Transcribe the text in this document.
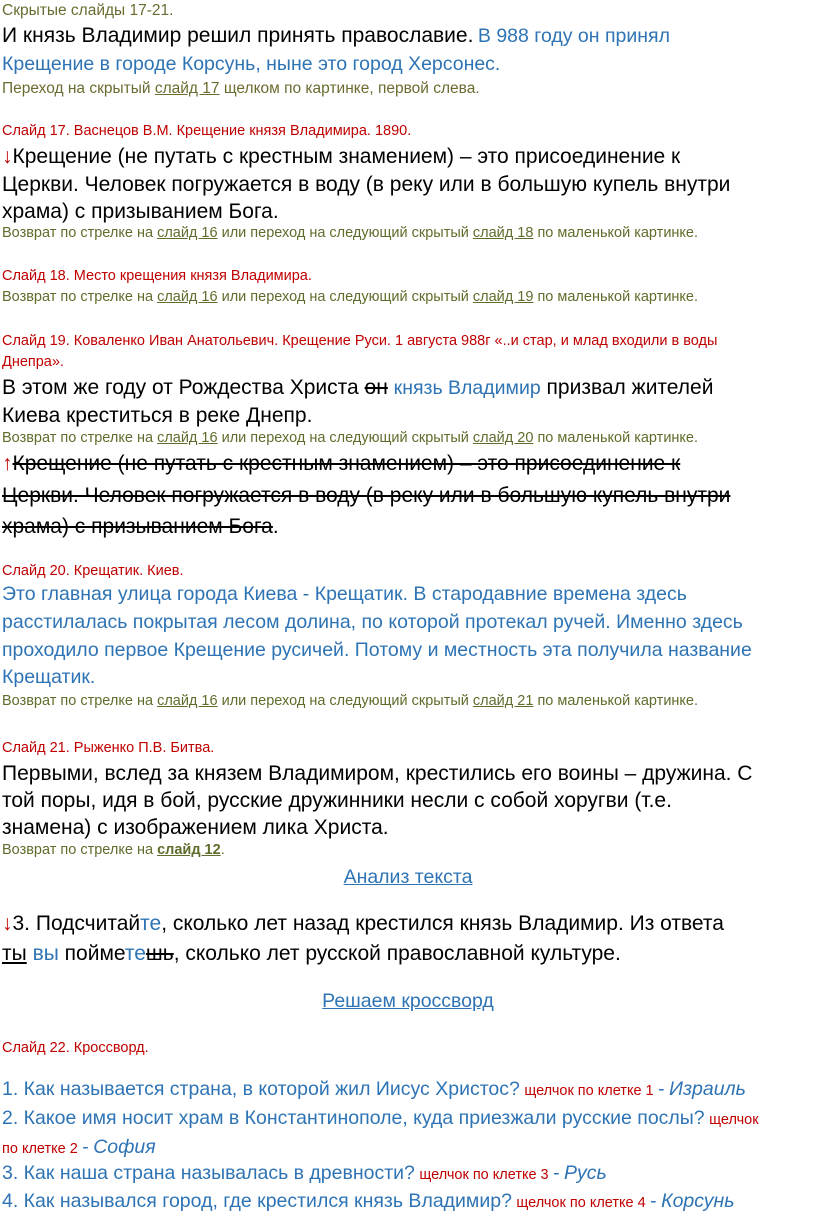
Скрытые слайды 17-21.

И князь Владимир решил принять православие. В 988 году он принял

Крещение в городе Корсунь, ныне это город Херсонес.

Переход на скрытый слайд 17 щелком по картинке, первой слева.

Слайд 17. Васнецов В.М. Крещение князя Владимира. 1890.

↓Крещение (не путать с крестным знамением) – это присоединение к

Церкви. Человек погружается в воду (в реку или в большую купель внутри

храма) с призыванием Бога.

Возврат по стрелке на слайд 16 или переход на следующий скрытый слайд 18 по маленькой картинке.

Слайд 18. Место крещения князя Владимира.

Возврат по стрелке на слайд 16 или переход на следующий скрытый слайд 19 по маленькой картинке.

Слайд 19. Коваленко Иван Анатольевич. Крещение Руси. 1 августа 988г «..и стар, и млад входили в воды

Днепра».

В этом же году от Рождества Христа он князь Владимир призвал жителей

Киева креститься в реке Днепр.

Возврат по стрелке на слайд 16 или переход на следующий скрытый слайд 20 по маленькой картинке.

↑Крещение (не путать с крестным знамением) – это присоединение к

Церкви. Человек погружается в воду (в реку или в большую купель внутри

храма) с призыванием Бога.

Слайд 20. Крещатик. Киев.

Это главная улица города Киева - Крещатик. В стародавние времена здесь

расстилалась покрытая лесом долина, по которой протекал ручей. Именно здесь

проходило первое Крещение русичей. Потому и местность эта получила название

Крещатик.

Возврат по стрелке на слайд 16 или переход на следующий скрытый слайд 21 по маленькой картинке.

Слайд 21. Рыженко П.В. Битва.

Первыми, вслед за князем Владимиром, крестились его воины – дружина. С

той поры, идя в бой, русские дружинники несли с собой хоругви (т.е.

знамена) с изображением лика Христа.

Возврат по стрелке на слайд 12.

Анализ текста

↓3. Подсчитайте, сколько лет назад крестился князь Владимир. Из ответа

ты вы пойметешь, сколько лет русской православной культуре.

Решаем кроссворд

Слайд 22. Кроссворд.

1. Как называется страна, в которой жил Иисус Христос? щелчок по клетке 1 - Израиль

2. Какое имя носит храм в Константинополе, куда приезжали русские послы? щелчок

по клетке 2 - София

3. Как наша страна называлась в древности? щелчок по клетке 3 - Русь

4. Как назывался город, где крестился князь Владимир? щелчок по клетке 4 - Корсунь
